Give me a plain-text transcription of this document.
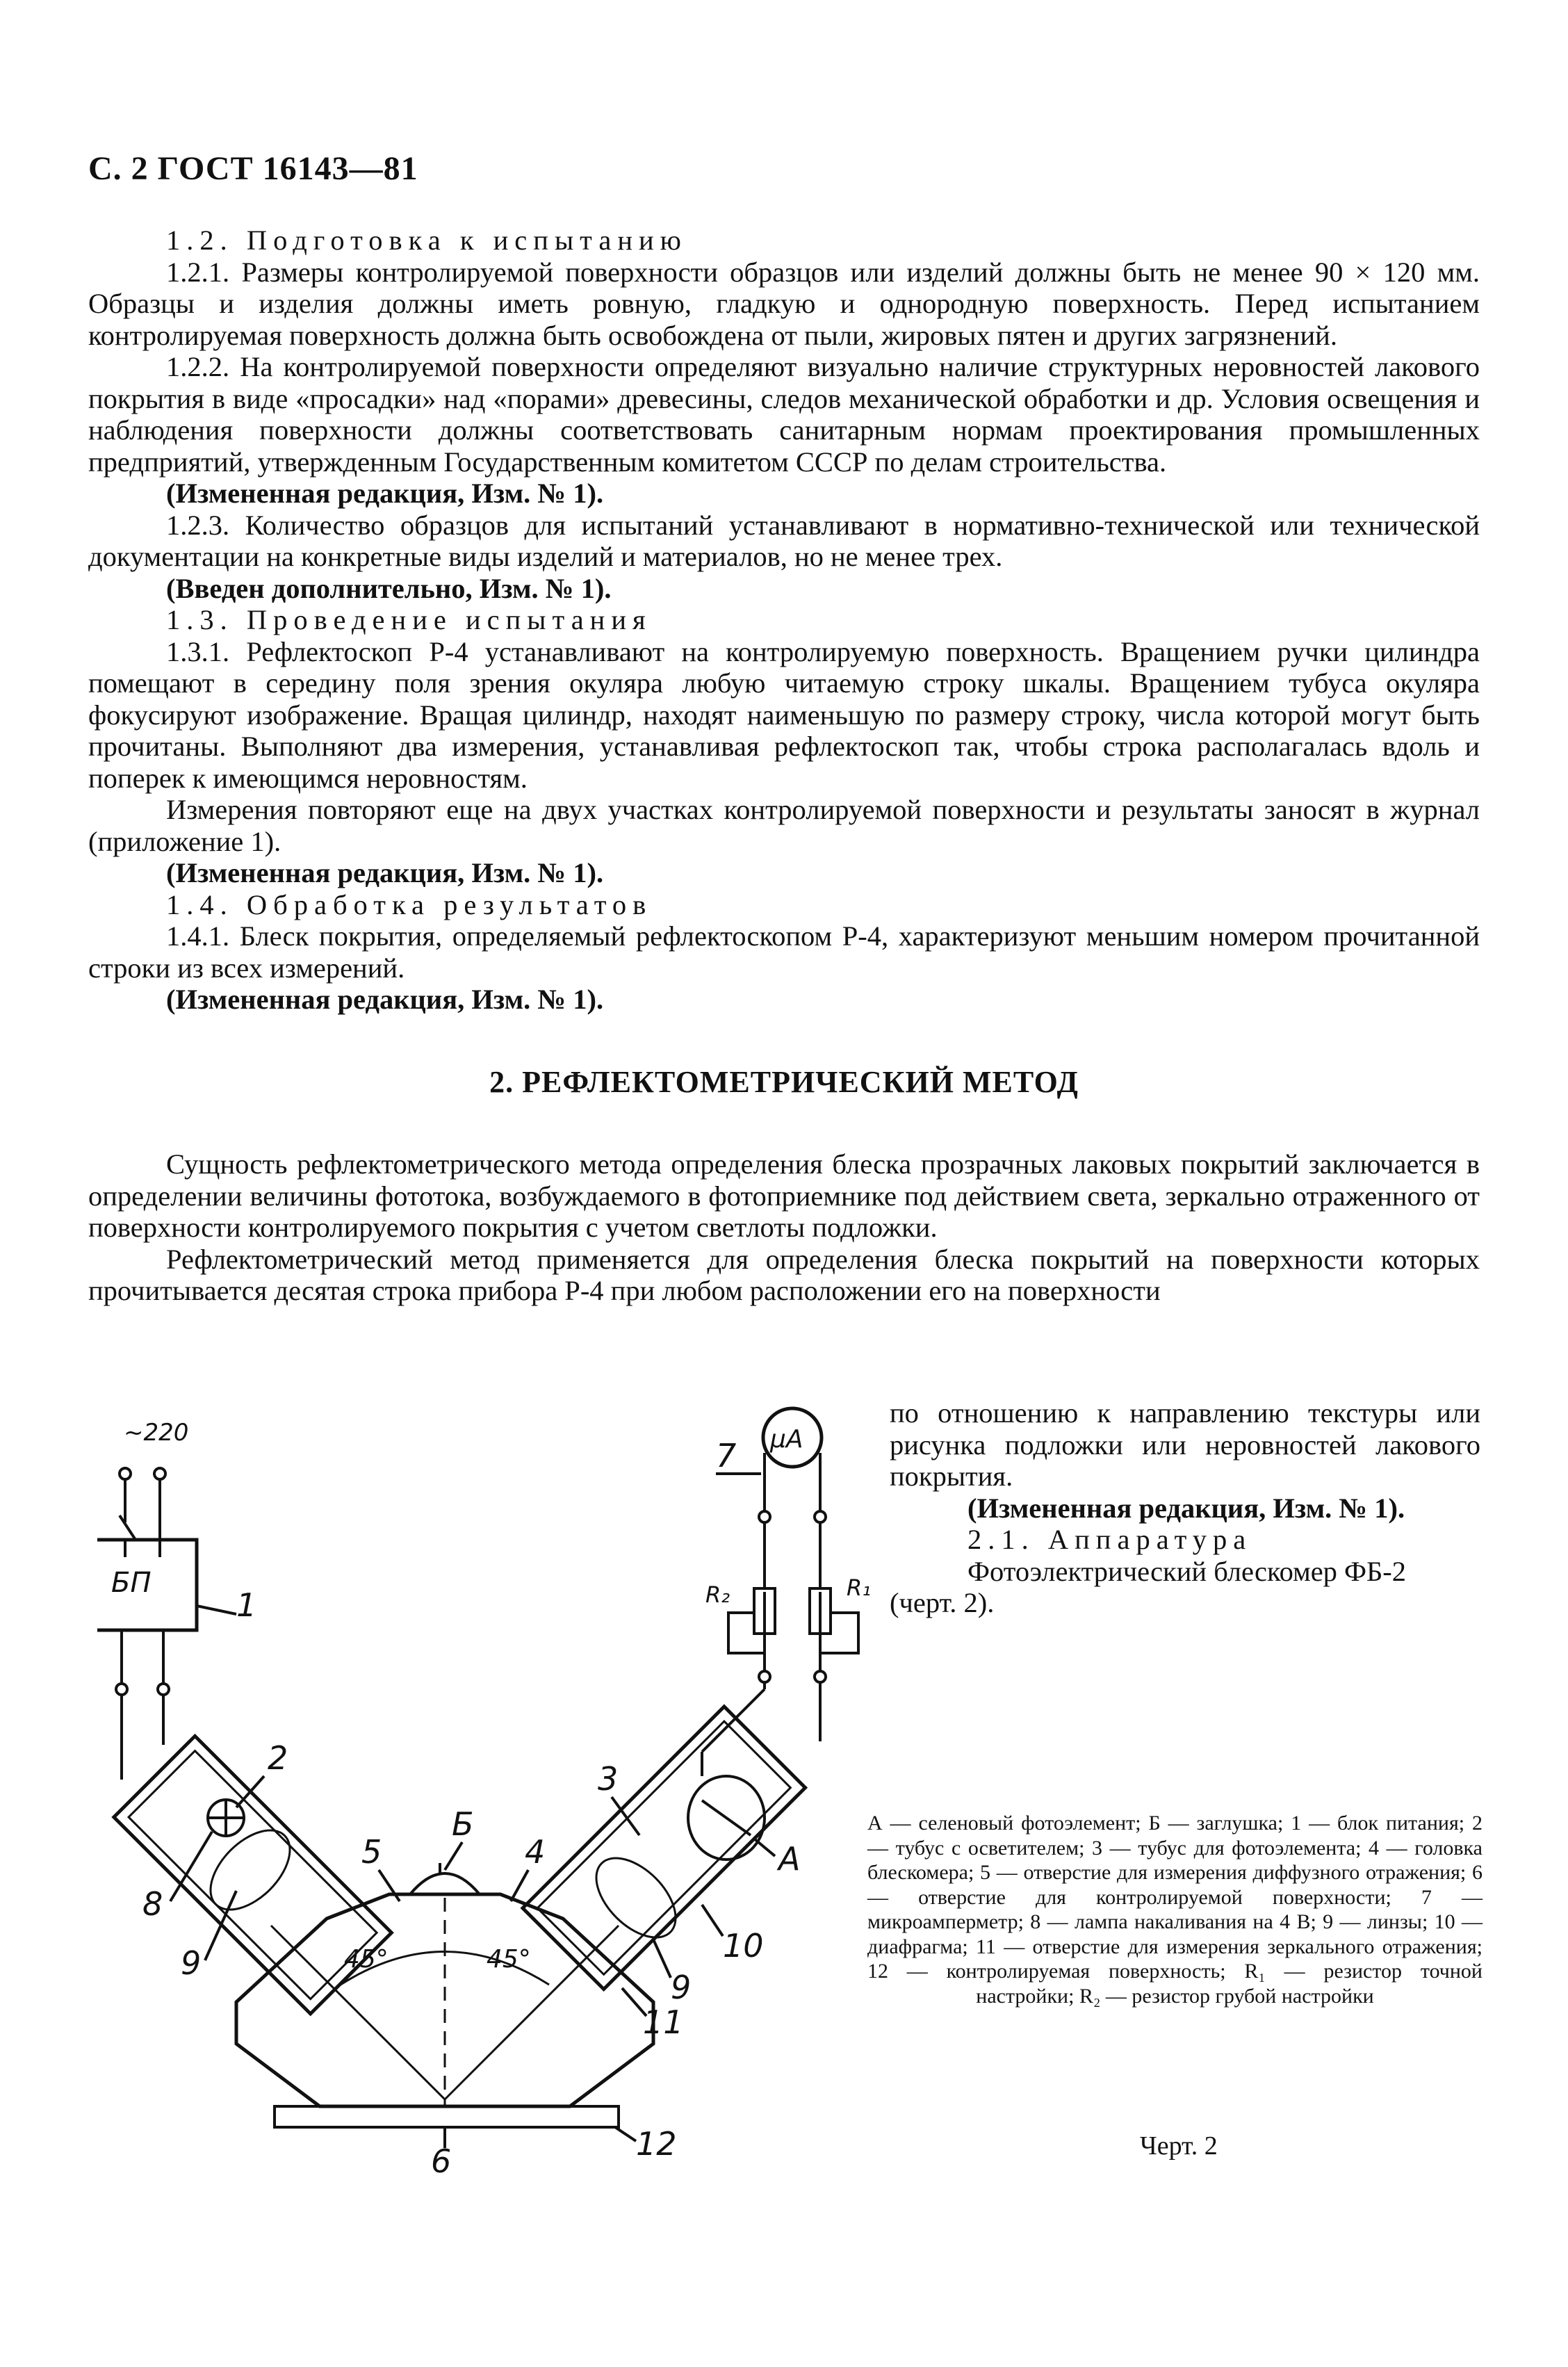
С. 2 ГОСТ 16143—81

1.2. Подготовка к испытанию

1.2.1. Размеры контролируемой поверхности образцов или изделий должны быть не менее 90 × 120 мм. Образцы и изделия должны иметь ровную, гладкую и однородную поверхность. Перед испытанием контролируемая поверхность должна быть освобождена от пыли, жировых пятен и других загрязнений.

1.2.2. На контролируемой поверхности определяют визуально наличие структурных неровностей лакового покрытия в виде «просадки» над «порами» древесины, следов механической обработки и др. Условия освещения и наблюдения поверхности должны соответствовать санитарным нормам проектирования промышленных предприятий, утвержденным Государственным комитетом СССР по делам строительства.

(Измененная редакция, Изм. № 1).

1.2.3. Количество образцов для испытаний устанавливают в нормативно-технической или технической документации на конкретные виды изделий и материалов, но не менее трех.

(Введен дополнительно, Изм. № 1).

1.3. Проведение испытания

1.3.1. Рефлектоскоп Р-4 устанавливают на контролируемую поверхность. Вращением ручки цилиндра помещают в середину поля зрения окуляра любую читаемую строку шкалы. Вращением тубуса окуляра фокусируют изображение. Вращая цилиндр, находят наименьшую по размеру строку, числа которой могут быть прочитаны. Выполняют два измерения, устанавливая рефлектоскоп так, чтобы строка располагалась вдоль и поперек к имеющимся неровностям.

Измерения повторяют еще на двух участках контролируемой поверхности и результаты заносят в журнал (приложение 1).

(Измененная редакция, Изм. № 1).

1.4. Обработка результатов

1.4.1. Блеск покрытия, определяемый рефлектоскопом Р-4, характеризуют меньшим номером прочитанной строки из всех измерений.

(Измененная редакция, Изм. № 1).

2. РЕФЛЕКТОМЕТРИЧЕСКИЙ МЕТОД

Сущность рефлектометрического метода определения блеска прозрачных лаковых покрытий заключается в определении величины фототока, возбуждаемого в фотоприемнике под действием света, зеркально отраженного от поверхности контролируемого покрытия с учетом светлоты подложки.

Рефлектометрический метод применяется для определения блеска покрытий на поверхности которых прочитывается десятая строка прибора Р-4 при любом расположении его на поверхности

по отношению к направлению текстуры или рисунка подложки или неровностей лакового покрытия.

(Измененная редакция, Изм. № 1).

2.1. Аппаратура

Фотоэлектрический блескомер ФБ-2

(черт. 2).

~220
БП
1
2
8
9
Б
5	4
45°	45°
6	12
3
А
10
9
11
R₂	R₁
μA
7

А — селеновый фотоэлемент; Б — заглушка; 1 — блок питания; 2 — тубус с осветителем; 3 — тубус для фотоэлемента; 4 — головка блескомера; 5 — отверстие для измерения диффузного отражения; 6 — отверстие для контролируемой поверхности; 7 — микроамперметр; 8 — лампа накаливания на 4 В; 9 — линзы; 10 — диафрагма; 11 — отверстие для измерения зеркального отражения; 12 — контролируемая поверхность; R₁ — резистор точной настройки; R₂ — резистор грубой настройки

Черт. 2
